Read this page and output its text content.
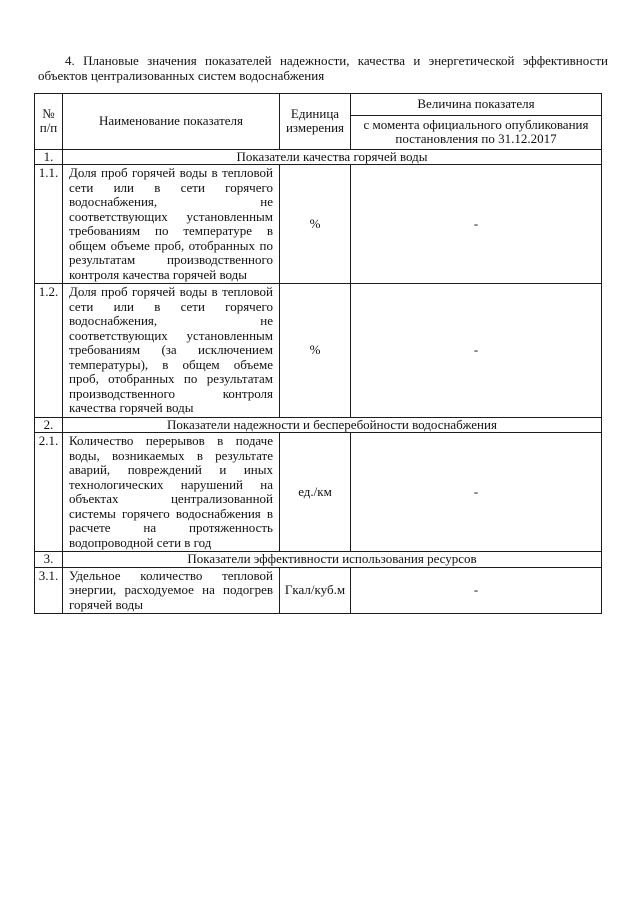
4. Плановые значения показателей надежности, качества и энергетической эффективности объектов централизованных систем водоснабжения

№ п/п	Наименование показателя	Единица измерения	Величина показателя
			с момента официального опубликования постановления по 31.12.2017
1.	Показатели качества горячей воды		
1.1.	Доля проб горячей воды в тепловой сети или в сети горячего водоснабжения, не соответствующих установленным требованиям по температуре в общем объеме проб, отобранных по результатам производственного контроля качества горячей воды	%	-
1.2.	Доля проб горячей воды в тепловой сети или в сети горячего водоснабжения, не соответствующих установленным требованиям (за исключением температуры), в общем объеме проб, отобранных по результатам производственного контроля качества горячей воды	%	-
2.	Показатели надежности и бесперебойности водоснабжения		
2.1.	Количество перерывов в подаче воды, возникаемых в результате аварий, повреждений и иных технологических нарушений на объектах централизованной системы горячего водоснабжения в расчете на протяженность водопроводной сети в год	ед./км	-
3.	Показатели эффективности использования ресурсов		
3.1.	Удельное количество тепловой энергии, расходуемое на подогрев горячей воды	Гкал/куб.м	-
